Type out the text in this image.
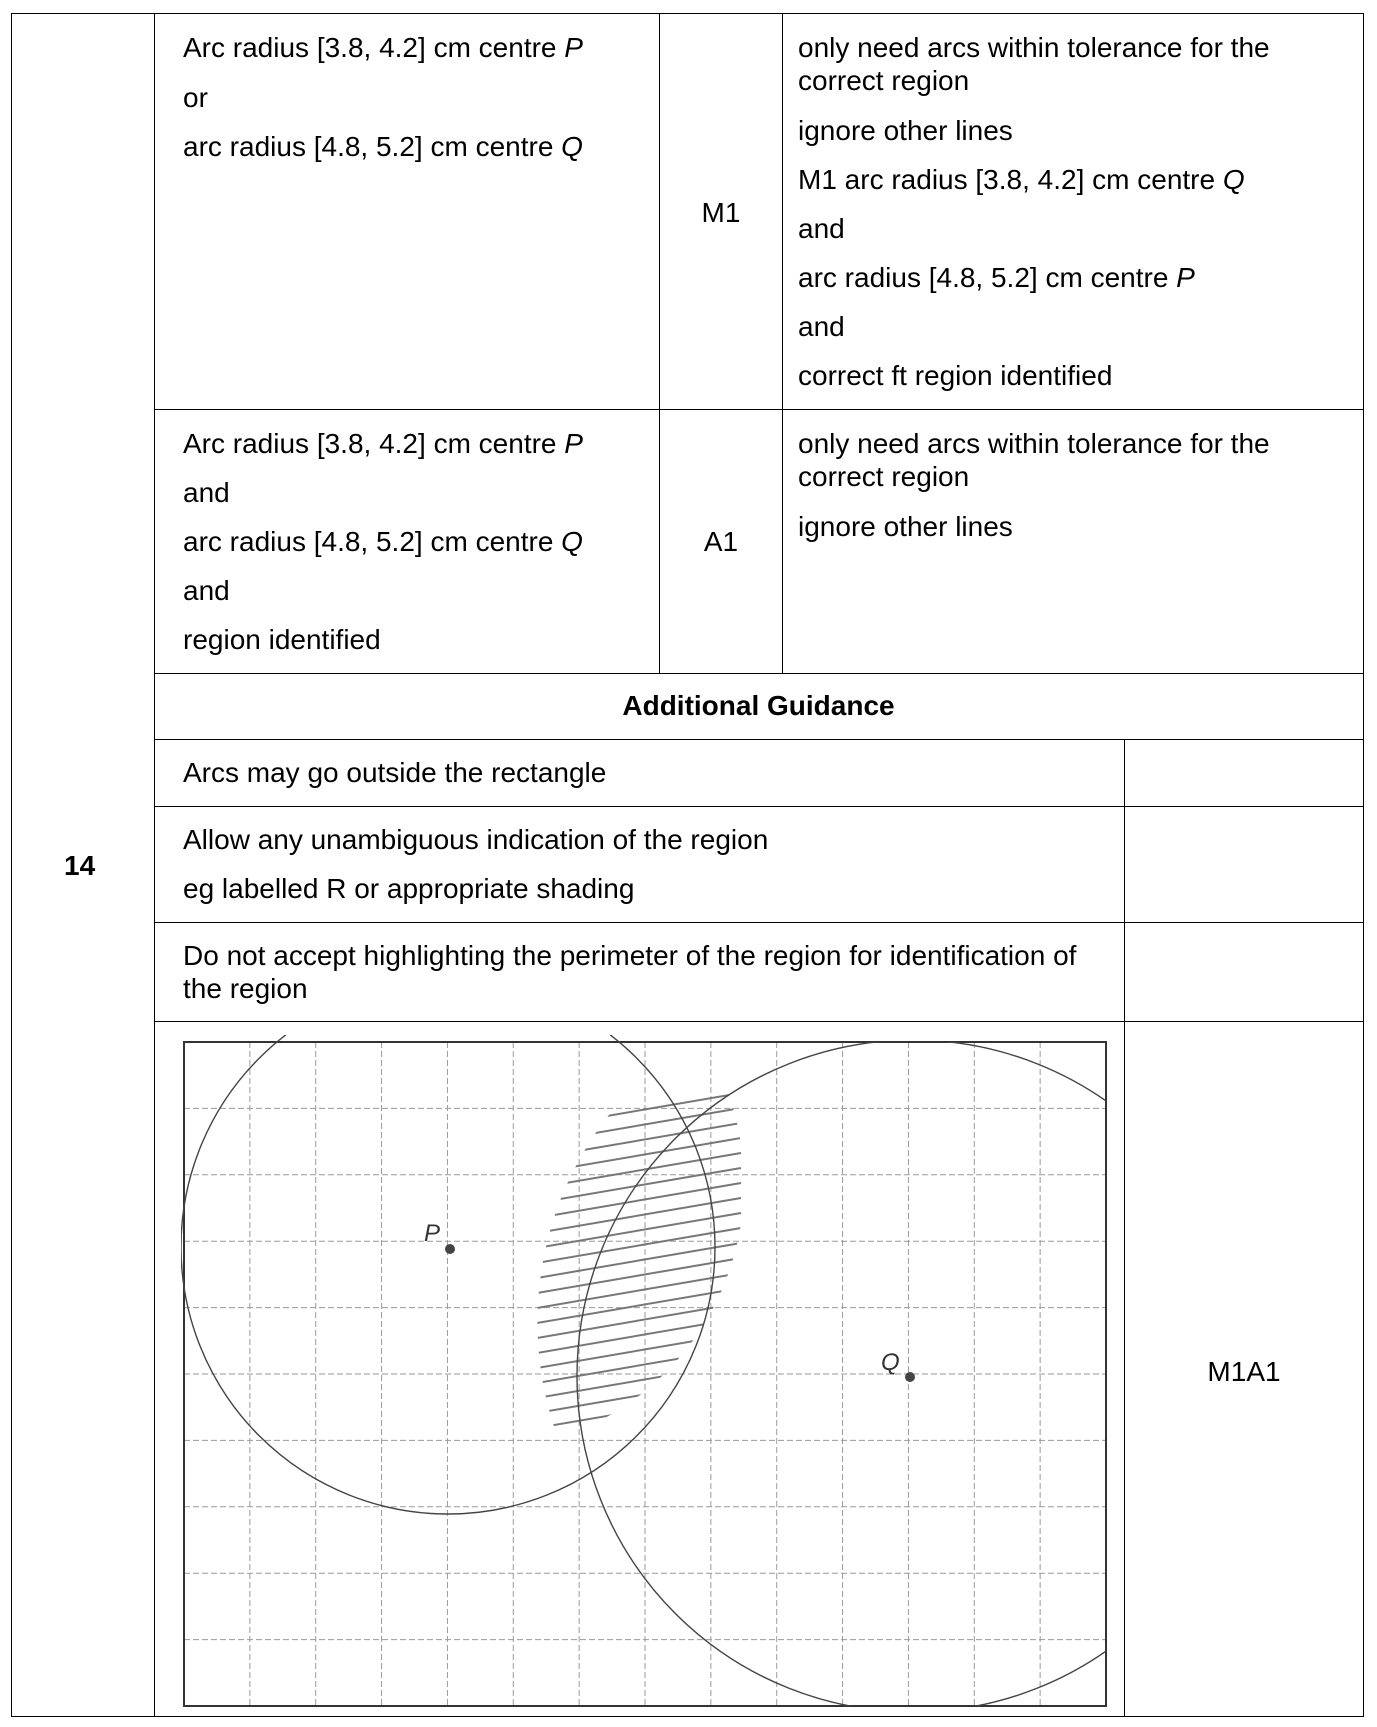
14
Arc radius [3.8, 4.2] cm centre P
or
arc radius [4.8, 5.2] cm centre Q
M1
only need arcs within tolerance for the correct region
ignore other lines
M1 arc radius [3.8, 4.2] cm centre Q
and
arc radius [4.8, 5.2] cm centre P
and
correct ft region identified
Arc radius [3.8, 4.2] cm centre P
and
arc radius [4.8, 5.2] cm centre Q
and
region identified
A1
only need arcs within tolerance for the correct region
ignore other lines
Additional Guidance
Arcs may go outside the rectangle
Allow any unambiguous indication of the region
eg labelled R or appropriate shading
Do not accept highlighting the perimeter of the region for identification of the region
M1A1
P
Q
